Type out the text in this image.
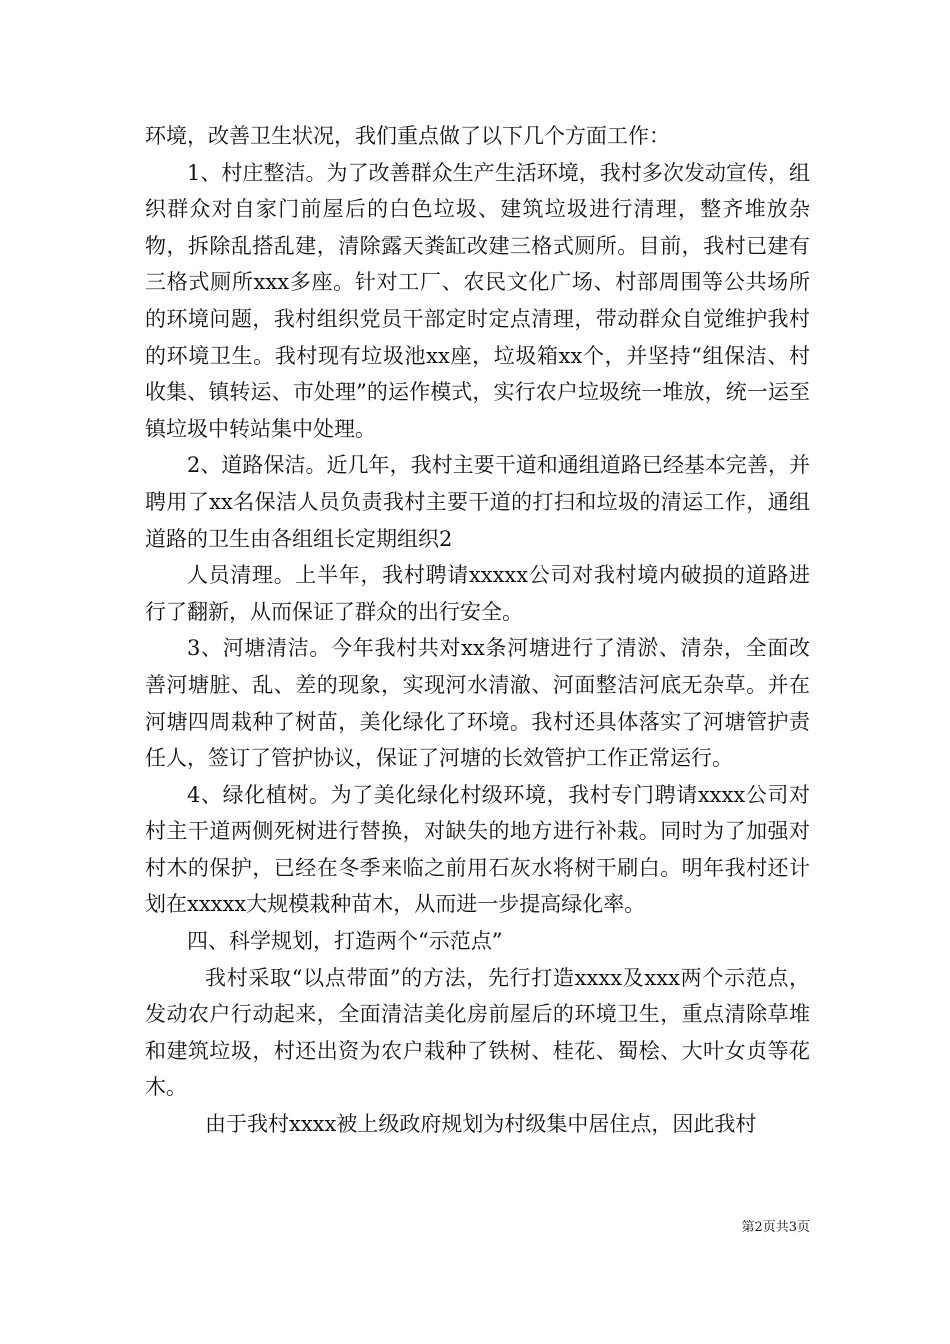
环境，改善卫生状况，我们重点做了以下几个方面工作：

1、村庄整洁。为了改善群众生产生活环境，我村多次发动宣传，组织群众对自家门前屋后的白色垃圾、建筑垃圾进行清理，整齐堆放杂物，拆除乱搭乱建，清除露天粪缸改建三格式厕所。目前，我村已建有三格式厕所xxx多座。针对工厂、农民文化广场、村部周围等公共场所的环境问题，我村组织党员干部定时定点清理，带动群众自觉维护我村的环境卫生。我村现有垃圾池xx座，垃圾箱xx个，并坚持“组保洁、村收集、镇转运、市处理”的运作模式，实行农户垃圾统一堆放，统一运至镇垃圾中转站集中处理。

2、道路保洁。近几年，我村主要干道和通组道路已经基本完善，并聘用了xx名保洁人员负责我村主要干道的打扫和垃圾的清运工作，通组道路的卫生由各组组长定期组织2

人员清理。上半年，我村聘请xxxxx公司对我村境内破损的道路进行了翻新，从而保证了群众的出行安全。

3、河塘清洁。今年我村共对xx条河塘进行了清淤、清杂，全面改善河塘脏、乱、差的现象，实现河水清澈、河面整洁河底无杂草。并在河塘四周栽种了树苗，美化绿化了环境。我村还具体落实了河塘管护责任人，签订了管护协议，保证了河塘的长效管护工作正常运行。

4、绿化植树。为了美化绿化村级环境，我村专门聘请xxxx公司对村主干道两侧死树进行替换，对缺失的地方进行补栽。同时为了加强对村木的保护，已经在冬季来临之前用石灰水将树干刷白。明年我村还计划在xxxxx大规模栽种苗木，从而进一步提高绿化率。

四、科学规划，打造两个“示范点”

我村采取“以点带面”的方法，先行打造xxxx及xxx两个示范点，发动农户行动起来，全面清洁美化房前屋后的环境卫生，重点清除草堆和建筑垃圾，村还出资为农户栽种了铁树、桂花、蜀桧、大叶女贞等花木。

由于我村xxxx被上级政府规划为村级集中居住点，因此我村

第2页共3页
